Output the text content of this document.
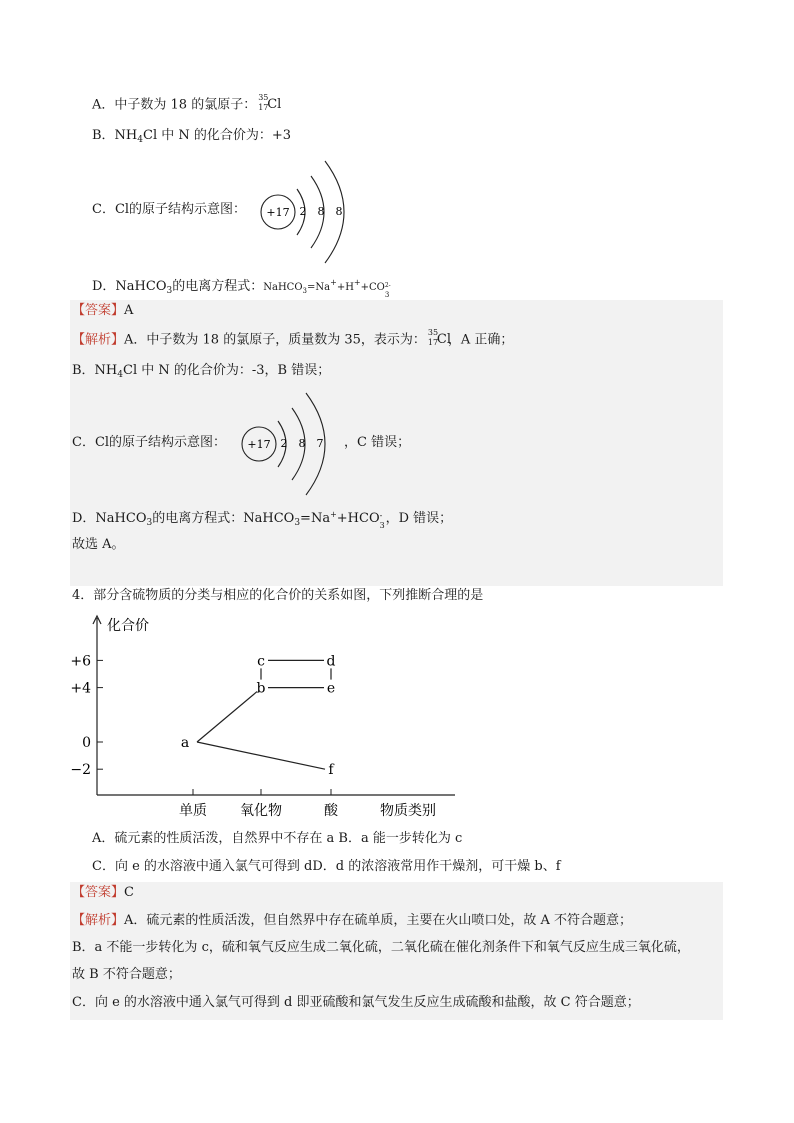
A．中子数为 18 的氯原子： 35
17
Cl
B．$NH_4Cl$ 中 N 的化合价为：+3
C．Cl的原子结构示意图： +17 2 8 8
D．NaHCO$_3$的电离方程式：NaHCO$_3$=Na++H++CO 2-
3
【答案】A
【解析】A．中子数为 18 的氯原子，质量数为 35，表示为： 35
17
Cl
，A 正确；
B．$NH_4Cl$ 中 N 的化合价为：-3，B 错误；
C．Cl的原子结构示意图： +17 2 8 7 ，C 错误；
D．NaHCO$_3$的电离方程式：NaHCO$_3$=Na++HCO -
3 ，D 错误；
故选 A。
4．部分含硫物质的分类与相应的化合价的关系如图，下列推断合理的是
化合价
物质类别
+6
+4
0
−2
单质 氧化物	酸
a
b
c	d
e
f
A．硫元素的性质活泼，自然界中不存在 a B．a 能一步转化为 c
C．向 e 的水溶液中通入氯气可得到 dD．d 的浓溶液常用作干燥剂，可干燥 b、f
【答案】C
【解析】A．硫元素的性质活泼，但自然界中存在硫单质，主要在火山喷口处，故 A 不符合题意；
B．a 不能一步转化为 c，硫和氧气反应生成二氧化硫，二氧化硫在催化剂条件下和氧气反应生成三氧化硫，
故 B 不符合题意；
C．向 e 的水溶液中通入氯气可得到 d 即亚硫酸和氯气发生反应生成硫酸和盐酸，故 C 符合题意；
